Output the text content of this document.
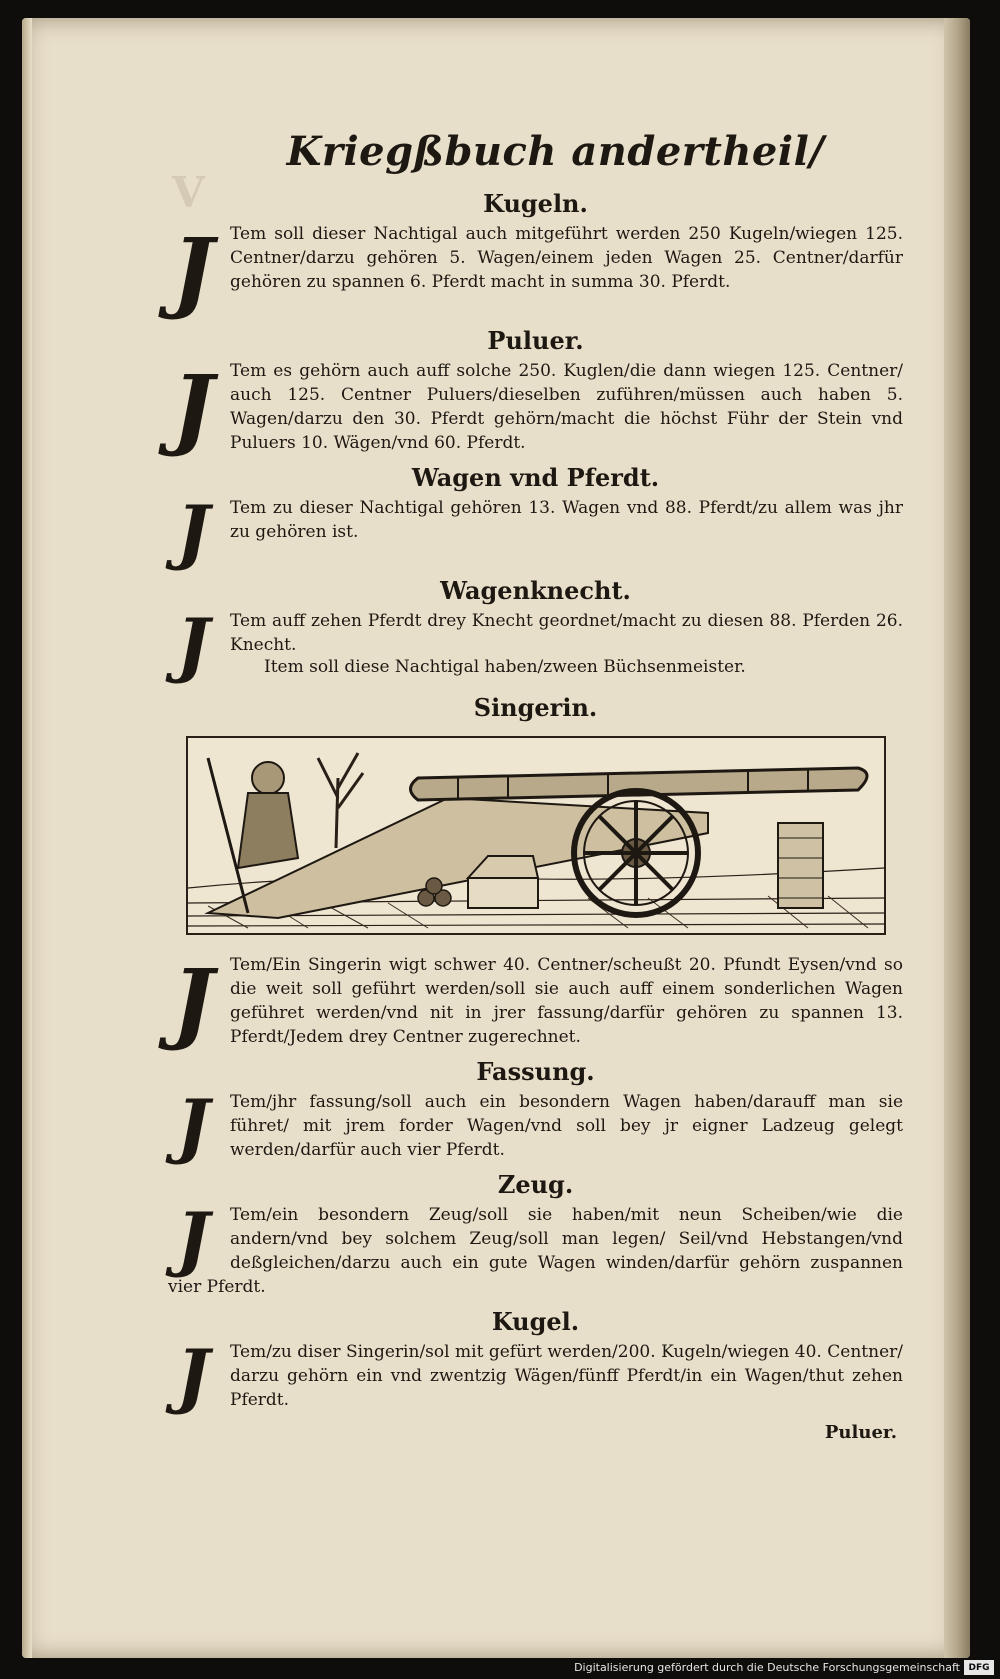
V
Kriegßbuch andertheil/
Kugeln.
J Tem soll dieser Nachtigal auch mitgeführt werden 250 Kugeln/wiegen 125. Centner/darzu gehören 5. Wagen/einem jeden Wagen 25. Centner/darfür gehören zu spannen 6. Pferdt macht in summa 30. Pferdt.
Puluer.
J Tem es gehörn auch auff solche 250. Kuglen/die dann wiegen 125. Centner/ auch 125. Centner Puluers/dieselben zuführen/müssen auch haben 5. Wagen/darzu den 30. Pferdt gehörn/macht die höchst Führ der Stein vnd Puluers 10. Wägen/vnd 60. Pferdt.
Wagen vnd Pferdt.
J	Tem zu dieser Nachtigal gehören 13. Wagen vnd 88. Pferdt/zu allem was jhr zu gehören ist.
Wagenknecht.
J	Tem auff zehen Pferdt drey Knecht geordnet/macht zu diesen 88. Pferden 26. Knecht.
Item soll diese Nachtigal haben/zween Büchsenmeister.
Singerin.
J Tem/Ein Singerin wigt schwer 40. Centner/scheußt 20. Pfundt Eysen/vnd so die weit soll geführt werden/soll sie auch auff einem sonderlichen Wagen geführet werden/vnd nit in jrer fassung/darfür gehören zu spannen 13. Pferdt/Jedem drey Centner zugerechnet.
Fassung.
J	Tem/jhr fassung/soll auch ein besondern Wagen haben/darauff man sie führet/ mit jrem forder Wagen/vnd soll bey jr eigner Ladzeug gelegt werden/darfür auch vier Pferdt.
Zeug.
J	Tem/ein besondern Zeug/soll sie haben/mit neun Scheiben/wie die andern/vnd bey solchem Zeug/soll man legen/ Seil/vnd Hebstangen/vnd deßgleichen/darzu auch ein gute Wagen winden/darfür gehörn zuspannen vier Pferdt.
Kugel.
J	Tem/zu diser Singerin/sol mit gefürt werden/200. Kugeln/wiegen 40. Centner/ darzu gehörn ein vnd zwentzig Wägen/fünff Pferdt/in ein Wagen/thut zehen Pferdt.
Puluer.
Digitalisierung gefördert durch die Deutsche Forschungsgemeinschaft DFG
